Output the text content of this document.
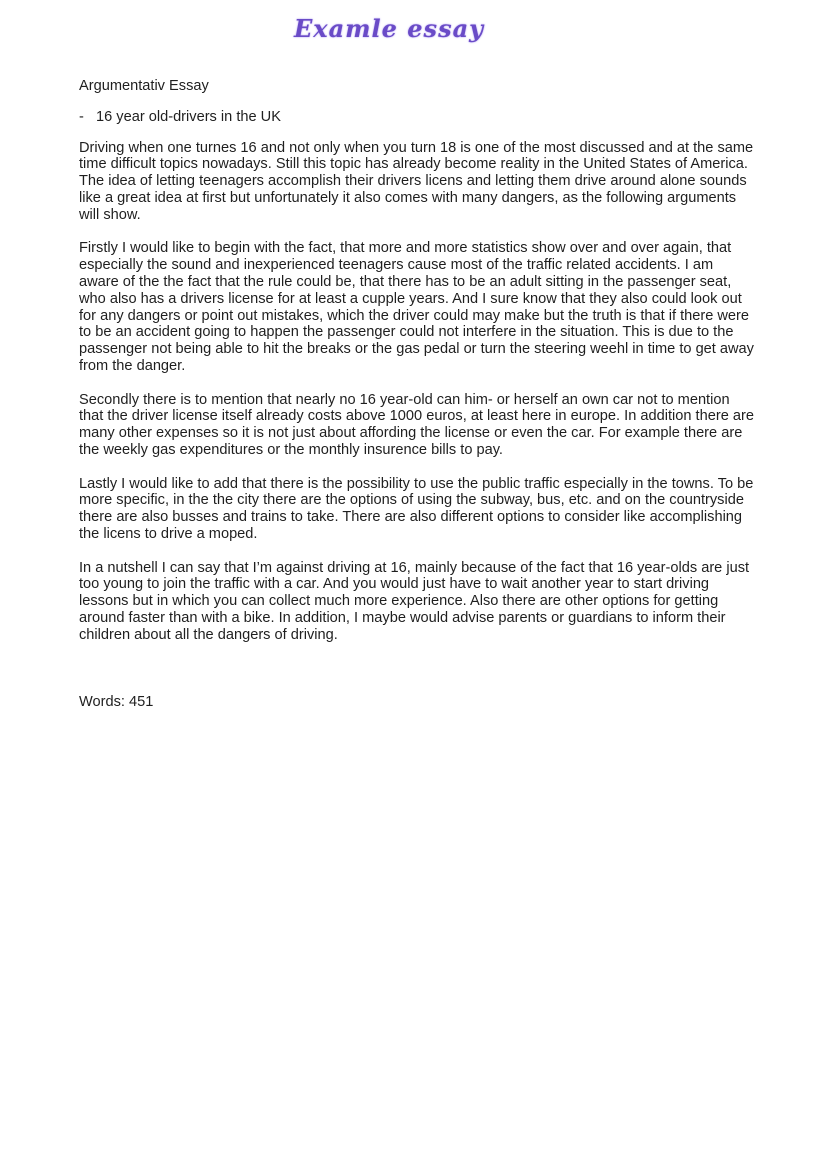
Examle essay
Argumentativ Essay
- 16 year old-drivers in the UK

Driving when one turnes 16 and not only when you turn 18 is one of the most discussed and at the same time difficult topics nowadays. Still this topic has already become reality in the United States of America. The idea of letting teenagers accomplish their drivers licens and letting them drive around alone sounds like a great idea at first but unfortunately it also comes with many dangers, as the following arguments will show.

Firstly I would like to begin with the fact, that more and more statistics show over and over again, that especially the sound and inexperienced teenagers cause most of the traffic related accidents. I am aware of the the fact that the rule could be, that there has to be an adult sitting in the passenger seat, who also has a drivers license for at least a cupple years. And I sure know that they also could look out for any dangers or point out mistakes, which the driver could may make but the truth is that if there were to be an accident going to happen the passenger could not interfere in the situation. This is due to the passenger not being able to hit the breaks or the gas pedal or turn the steering weehl in time to get away from the danger.

Secondly there is to mention that nearly no 16 year-old can him- or herself an own car not to mention that the driver license itself already costs above 1000 euros, at least here in europe. In addition there are many other expenses so it is not just about affording the license or even the car. For example there are the weekly gas expenditures or the monthly insurence bills to pay.

Lastly I would like to add that there is the possibility to use the public traffic especially in the towns. To be more specific, in the the city there are the options of using the subway, bus, etc. and on the countryside there are also busses and trains to take. There are also different options to consider like accomplishing the licens to drive a moped.

In a nutshell I can say that I’m against driving at 16, mainly because of the fact that 16 year-olds are just too young to join the traffic with a car. And you would just have to wait another year to start driving lessons but in which you can collect much more experience. Also there are other options for getting around faster than with a bike. In addition, I maybe would advise parents or guardians to inform their children about all the dangers of driving.

Words: 451
